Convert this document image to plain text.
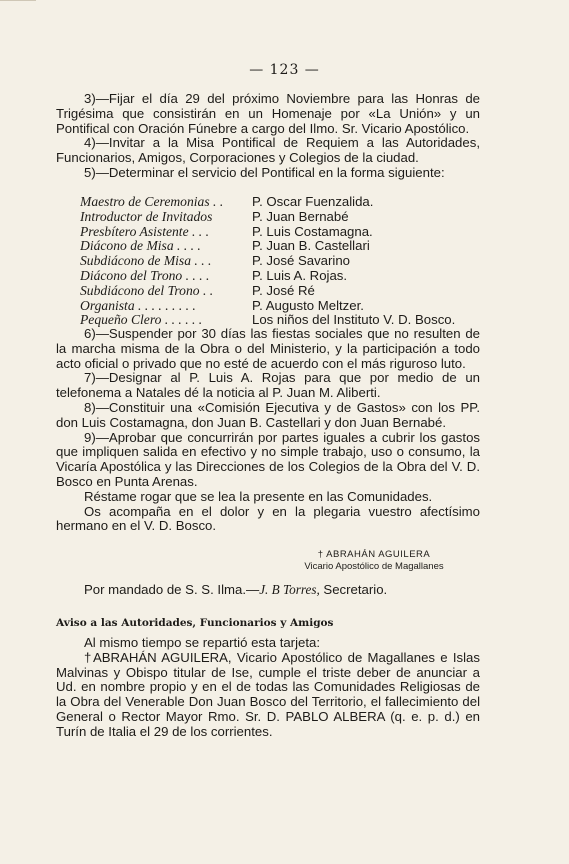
— 123 —

3)—Fijar el día 29 del próximo Noviembre para las Honras de Trigésima que consistirán en un Homenaje por «La Unión» y un Pontifical con Oración Fúnebre a cargo del Ilmo. Sr. Vicario Apostólico.

4)—Invitar a la Misa Pontifical de Requiem a las Autoridades, Funcionarios, Amigos, Corporaciones y Colegios de la ciudad.

5)—Determinar el servicio del Pontifical en la forma siguiente:

Maestro de Ceremonias . .	P. Oscar Fuenzalida.
Introductor de Invitados	P. Juan Bernabé
Presbítero Asistente . . .	P. Luis Costamagna.
Diácono de Misa . . . .	P. Juan B. Castellari
Subdiácono de Misa . . .	P. José Savarino
Diácono del Trono . . . .	P. Luis A. Rojas.
Subdiácono del Trono . .	P. José Ré
Organista . . . . . . . . .	P. Augusto Meltzer.
Pequeño Clero . . . . . .	Los niños del Instituto V. D. Bosco.

6)—Suspender por 30 días las fiestas sociales que no resulten de la marcha misma de la Obra o del Ministerio, y la participación a todo acto oficial o privado que no esté de acuerdo con el más riguroso luto.

7)—Designar al P. Luis A. Rojas para que por medio de un telefonema a Natales dé la noticia al P. Juan M. Aliberti.

8)—Constituir una «Comisión Ejecutiva y de Gastos» con los PP. don Luis Costamagna, don Juan B. Castellari y don Juan Bernabé.

9)—Aprobar que concurrirán por partes iguales a cubrir los gastos que impliquen salida en efectivo y no simple trabajo, uso o consumo, la Vicaría Apostólica y las Direcciones de los Colegios de la Obra del V. D. Bosco en Punta Arenas.

Réstame rogar que se lea la presente en las Comunidades.

Os acompaña en el dolor y en la plegaria vuestro afectísimo hermano en el V. D. Bosco.

† ABRAHÁN AGUILERA
Vicario Apostólico de Magallanes
Por mandado de S. S. Ilma.—J. B Torres, Secretario.
Aviso a las Autoridades, Funcionarios y Amigos

Al mismo tiempo se repartió esta tarjeta:

†ABRAHÁN AGUILERA, Vicario Apostólico de Magallanes e Islas Malvinas y Obispo titular de Ise, cumple el triste deber de anunciar a Ud. en nombre propio y en el de todas las Comunidades Religiosas de la Obra del Venerable Don Juan Bosco del Territorio, el fallecimiento del General o Rector Mayor Rmo. Sr. D. PABLO ALBERA (q. e. p. d.) en Turín de Italia el 29 de los corrientes.
